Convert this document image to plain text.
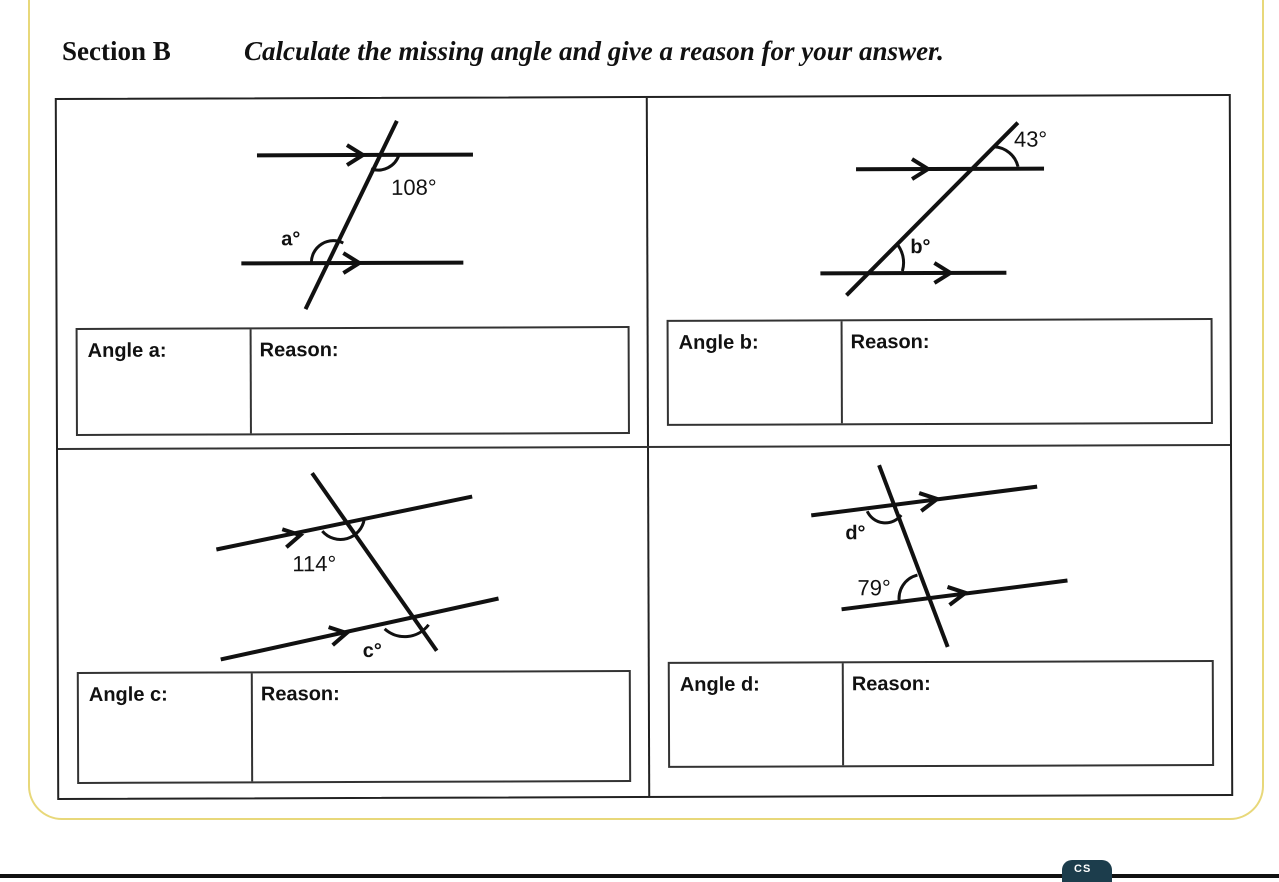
Section B	Calculate the missing angle and give a reason for your answer.
108°
a°
Angle a:	Reason:
43°
b°
Angle b:	Reason:
114°
c°
Angle c:	Reason:
d°
79°
Angle d:	Reason:
CS
